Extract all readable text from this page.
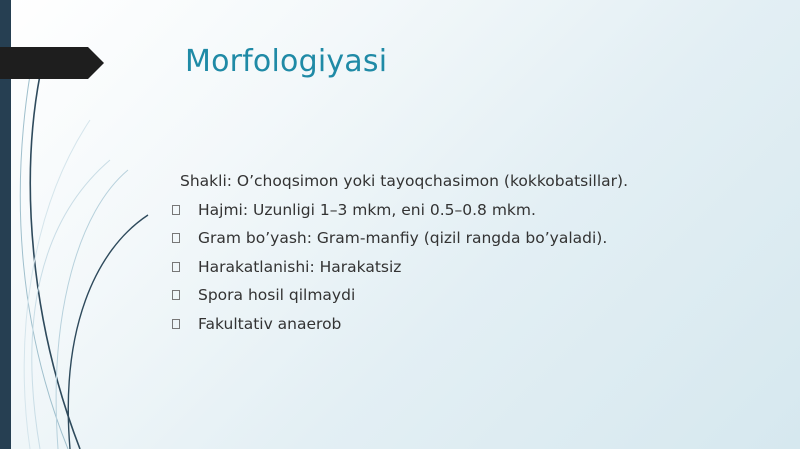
Morfologiyasi
Shakli: O’choqsimon yoki tayoqchasimon (kokkobatsillar).
Hajmi: Uzunligi 1–3 mkm, eni 0.5–0.8 mkm.
Gram bo’yash: Gram-manfiy (qizil rangda bo’yaladi).
Harakatlanishi: Harakatsiz
Spora hosil qilmaydi
Fakultativ anaerob
